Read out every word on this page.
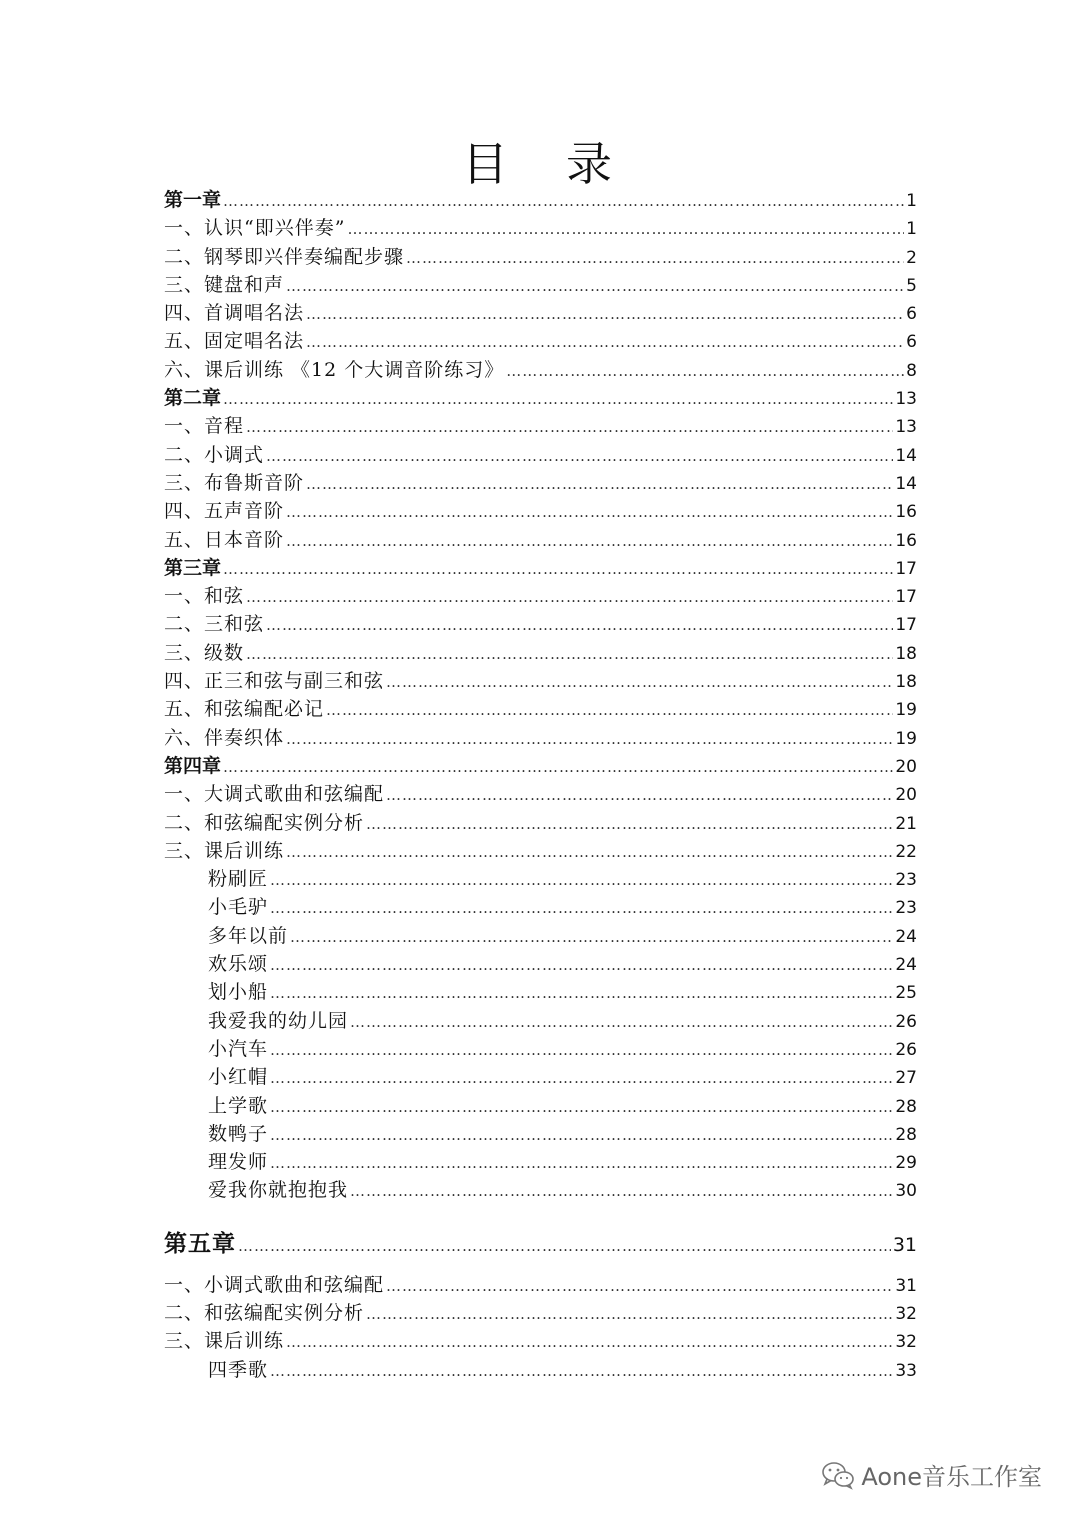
目　录
第一章 ……………………………………………………………………………………………………………………………………………………………………………………………………………………	1
一、认识“即兴伴奏” ……………………………………………………………………………………………………………………………………………………………………………………………………………………	1
二、钢琴即兴伴奏编配步骤 ……………………………………………………………………………………………………………………………………………………………………………………………………………………	2
三、键盘和声 ……………………………………………………………………………………………………………………………………………………………………………………………………………………	5
四、首调唱名法 ……………………………………………………………………………………………………………………………………………………………………………………………………………………	6
五、固定唱名法 ……………………………………………………………………………………………………………………………………………………………………………………………………………………	6
六、课后训练 《12 个大调音阶练习》 ……………………………………………………………………………………………………………………………………………………………………………………………………………………	8
第二章 ……………………………………………………………………………………………………………………………………………………………………………………………………………………	13
一、音程 ……………………………………………………………………………………………………………………………………………………………………………………………………………………	13
二、小调式 ……………………………………………………………………………………………………………………………………………………………………………………………………………………	14
三、布鲁斯音阶 ……………………………………………………………………………………………………………………………………………………………………………………………………………………	14
四、五声音阶 ……………………………………………………………………………………………………………………………………………………………………………………………………………………	16
五、日本音阶 ……………………………………………………………………………………………………………………………………………………………………………………………………………………	16
第三章 ……………………………………………………………………………………………………………………………………………………………………………………………………………………	17
一、和弦 ……………………………………………………………………………………………………………………………………………………………………………………………………………………	17
二、三和弦 ……………………………………………………………………………………………………………………………………………………………………………………………………………………	17
三、级数 ……………………………………………………………………………………………………………………………………………………………………………………………………………………	18
四、正三和弦与副三和弦 ……………………………………………………………………………………………………………………………………………………………………………………………………………………	18
五、和弦编配必记 ……………………………………………………………………………………………………………………………………………………………………………………………………………………	19
六、伴奏织体 ……………………………………………………………………………………………………………………………………………………………………………………………………………………	19
第四章 ……………………………………………………………………………………………………………………………………………………………………………………………………………………	20
一、大调式歌曲和弦编配 ……………………………………………………………………………………………………………………………………………………………………………………………………………………	20
二、和弦编配实例分析 ……………………………………………………………………………………………………………………………………………………………………………………………………………………	21
三、课后训练 ……………………………………………………………………………………………………………………………………………………………………………………………………………………	22
粉刷匠 ……………………………………………………………………………………………………………………………………………………………………………………………………………………	23
小毛驴 ……………………………………………………………………………………………………………………………………………………………………………………………………………………	23
多年以前 ……………………………………………………………………………………………………………………………………………………………………………………………………………………	24
欢乐颂 ……………………………………………………………………………………………………………………………………………………………………………………………………………………	24
划小船 ……………………………………………………………………………………………………………………………………………………………………………………………………………………	25
我爱我的幼儿园 ……………………………………………………………………………………………………………………………………………………………………………………………………………………	26
小汽车 ……………………………………………………………………………………………………………………………………………………………………………………………………………………	26
小红帽 ……………………………………………………………………………………………………………………………………………………………………………………………………………………	27
上学歌 ……………………………………………………………………………………………………………………………………………………………………………………………………………………	28
数鸭子 ……………………………………………………………………………………………………………………………………………………………………………………………………………………	28
理发师 ……………………………………………………………………………………………………………………………………………………………………………………………………………………	29
爱我你就抱抱我 ……………………………………………………………………………………………………………………………………………………………………………………………………………………	30
第五章 ……………………………………………………………………………………………………………………………………………………………………………………………………………………	31
一、小调式歌曲和弦编配 ……………………………………………………………………………………………………………………………………………………………………………………………………………………	31
二、和弦编配实例分析 ……………………………………………………………………………………………………………………………………………………………………………………………………………………	32
三、课后训练 ……………………………………………………………………………………………………………………………………………………………………………………………………………………	32
四季歌 ……………………………………………………………………………………………………………………………………………………………………………………………………………………	33
Aone音乐工作室
